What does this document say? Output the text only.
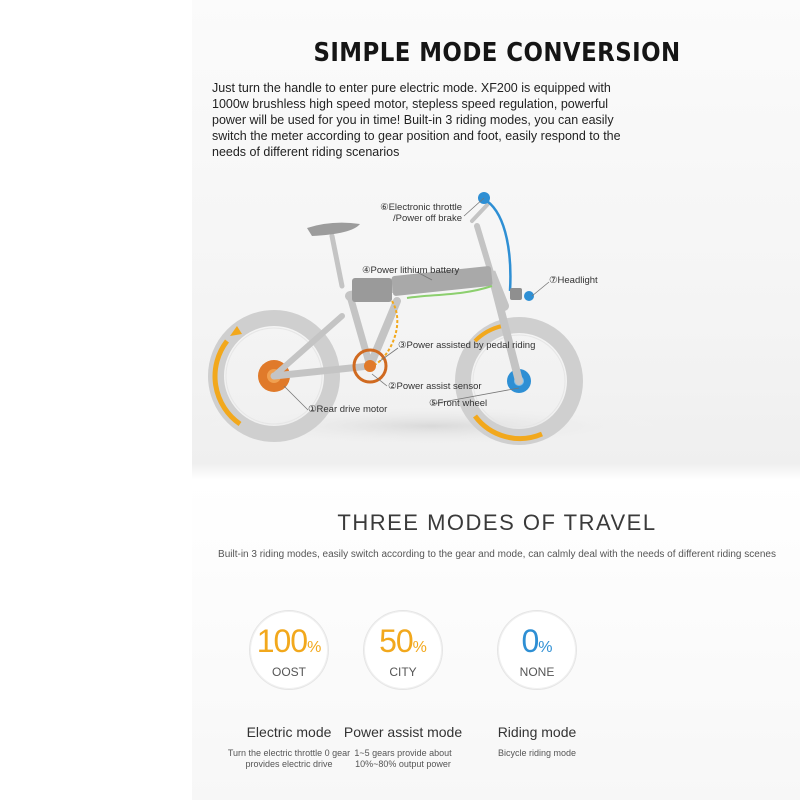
SIMPLE MODE CONVERSION
Just turn the handle to enter pure electric mode. XF200 is equipped with 1000w brushless high speed motor, stepless speed regulation, powerful power will be used for you in time! Built-in 3 riding modes, you can easily switch the meter according to gear position and foot, easily respond to the needs of different riding scenarios
⑥Electronic throttle
/Power off brake
④Power lithium battery
⑦Headlight
③Power assisted by pedal riding
②Power assist sensor
⑤Front wheel
①Rear drive motor
THREE MODES OF TRAVEL
Built-in 3 riding modes, easily switch according to the gear and mode, can calmly deal with the needs of different riding scenes
100%
OOST
Electric mode
Turn the electric throttle 0 gear provides electric drive
50%
CITY
Power assist mode
1~5 gears provide about 10%~80% output power
0%
NONE
Riding mode
Bicycle riding mode
